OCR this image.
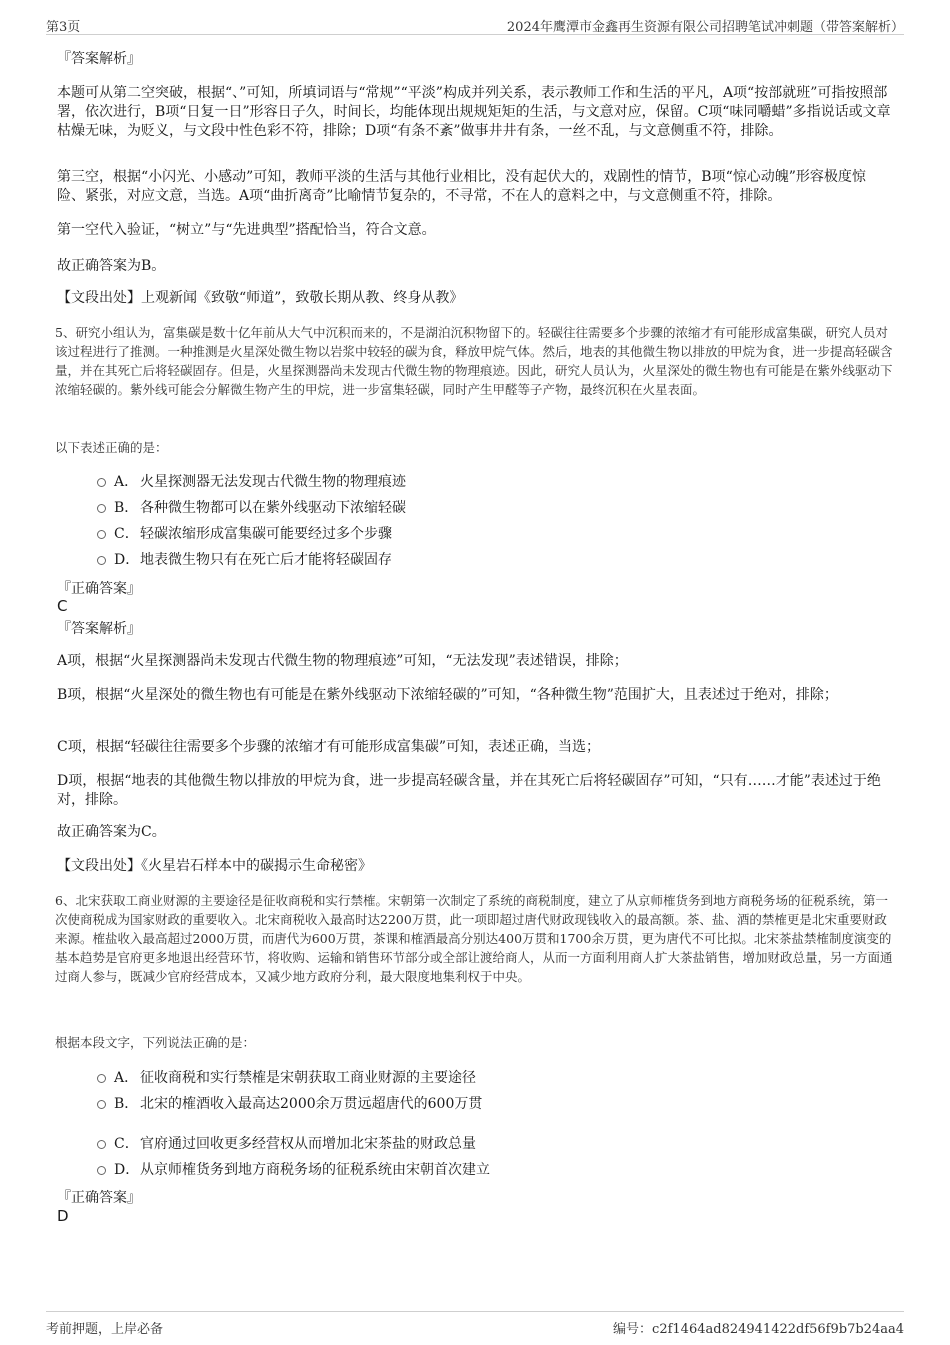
第3页	2024年鹰潭市金鑫再生资源有限公司招聘笔试冲刺题（带答案解析）
『答案解析』
本题可从第二空突破，根据“、”可知，所填词语与“常规”“平淡”构成并列关系，表示教师工作和生活的平凡，A项“按部就班”可指按照部署，依次进行，B项“日复一日”形容日子久，时间长，均能体现出规规矩矩的生活，与文意对应，保留。C项“味同嚼蜡”多指说话或文章枯燥无味，为贬义，与文段中性色彩不符，排除；D项“有条不紊”做事井井有条，一丝不乱，与文意侧重不符，排除。
第三空，根据“小闪光、小感动”可知，教师平淡的生活与其他行业相比，没有起伏大的，戏剧性的情节，B项“惊心动魄”形容极度惊险、紧张，对应文意，当选。A项“曲折离奇”比喻情节复杂的，不寻常，不在人的意料之中，与文意侧重不符，排除。
第一空代入验证，“树立”与“先进典型”搭配恰当，符合文意。
故正确答案为B。
【文段出处】上观新闻《致敬“师道”，致敬长期从教、终身从教》
5、研究小组认为，富集碳是数十亿年前从大气中沉积而来的，不是湖泊沉积物留下的。轻碳往往需要多个步骤的浓缩才有可能形成富集碳，研究人员对该过程进行了推测。一种推测是火星深处微生物以岩浆中较轻的碳为食，释放甲烷气体。然后，地表的其他微生物以排放的甲烷为食，进一步提高轻碳含量，并在其死亡后将轻碳固存。但是，火星探测器尚未发现古代微生物的物理痕迹。因此，研究人员认为，火星深处的微生物也有可能是在紫外线驱动下浓缩轻碳的。紫外线可能会分解微生物产生的甲烷，进一步富集轻碳，同时产生甲醛等子产物，最终沉积在火星表面。
以下表述正确的是：
A． 火星探测器无法发现古代微生物的物理痕迹
B． 各种微生物都可以在紫外线驱动下浓缩轻碳
C．轻碳浓缩形成富集碳可能要经过多个步骤
D．地表微生物只有在死亡后才能将轻碳固存
『正确答案』
C
『答案解析』
A项，根据“火星探测器尚未发现古代微生物的物理痕迹”可知，“无法发现”表述错误，排除；
B项，根据“火星深处的微生物也有可能是在紫外线驱动下浓缩轻碳的”可知，“各种微生物”范围扩大，且表述过于绝对，排除；
C项，根据“轻碳往往需要多个步骤的浓缩才有可能形成富集碳”可知，表述正确，当选；
D项，根据“地表的其他微生物以排放的甲烷为食，进一步提高轻碳含量，并在其死亡后将轻碳固存”可知，“只有……才能”表述过于绝对，排除。
故正确答案为C。
【文段出处】《火星岩石样本中的碳揭示生命秘密》
6、北宋获取工商业财源的主要途径是征收商税和实行禁榷。宋朝第一次制定了系统的商税制度，建立了从京师榷货务到地方商税务场的征税系统，第一次使商税成为国家财政的重要收入。北宋商税收入最高时达2200万贯，此一项即超过唐代财政现钱收入的最高额。茶、盐、酒的禁榷更是北宋重要财政来源。榷盐收入最高超过2000万贯，而唐代为600万贯，茶课和榷酒最高分别达400万贯和1700余万贯，更为唐代不可比拟。北宋茶盐禁榷制度演变的基本趋势是官府更多地退出经营环节，将收购、运输和销售环节部分或全部让渡给商人，从而一方面利用商人扩大茶盐销售，增加财政总量，另一方面通过商人参与，既减少官府经营成本，又减少地方政府分利，最大限度地集利权于中央。
根据本段文字，下列说法正确的是：
A． 征收商税和实行禁榷是宋朝获取工商业财源的主要途径
B． 北宋的榷酒收入最高达2000余万贯远超唐代的600万贯
C．官府通过回收更多经营权从而增加北宋茶盐的财政总量
D．从京师榷货务到地方商税务场的征税系统由宋朝首次建立
『正确答案』
D
考前押题，上岸必备	编号：c2f1464ad824941422df56f9b7b24aa4
